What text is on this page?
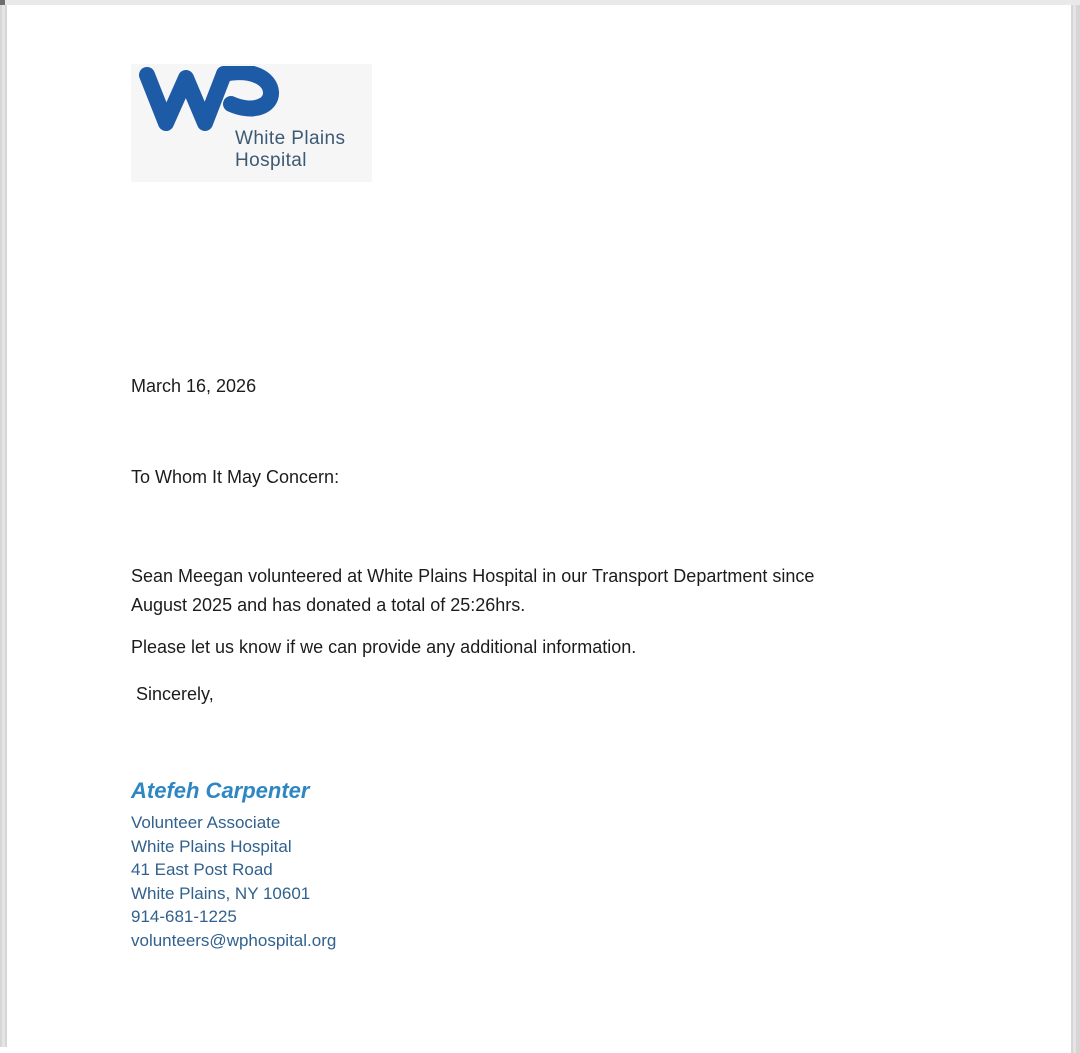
White Plains
Hospital
March 16, 2026
To Whom It May Concern:
Sean Meegan volunteered at White Plains Hospital in our Transport Department since
August 2025 and has donated a total of 25:26hrs.
Please let us know if we can provide any additional information.
Sincerely,
Atefeh Carpenter
Volunteer Associate
White Plains Hospital
41 East Post Road
White Plains, NY 10601
914-681-1225
volunteers@wphospital.org
